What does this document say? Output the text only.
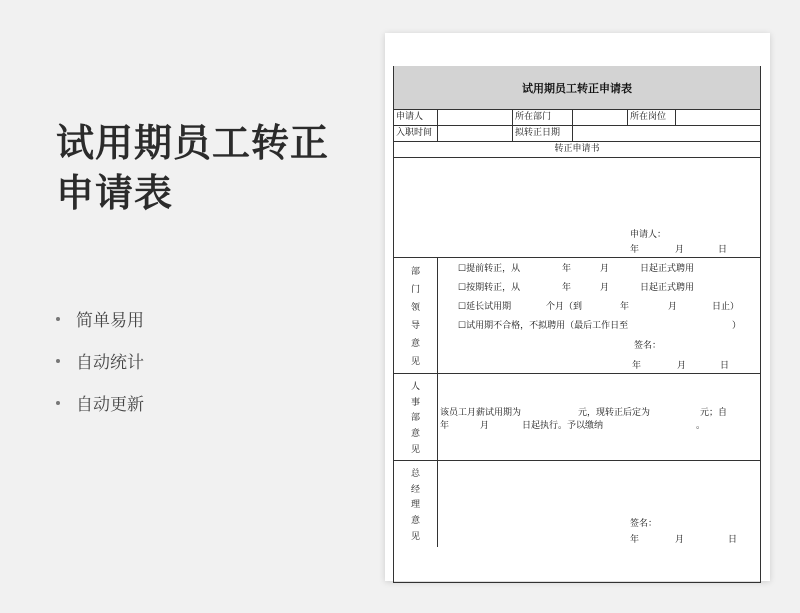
试用期员工转正
申请表
简单易用
自动统计
自动更新
试用期员工转正申请表
申请人	所在部门	所在岗位
入职时间	拟转正日期
转正申请书
申请人：
年	月	日
部
门
领
导
意
见
☐提前转正，从	年	月	日起正式聘用
☐按期转正，从	年	月	日起正式聘用
☐延长试用期	个月（到	年	月	日止）
☐试用期不合格，不拟聘用（最后工作日至	）
签名：
年	月	日
人
事
部
意
见
该员工月薪试用期为	元，现转正后定为	元；自
年	月	日起执行。予以缴纳	。
总
经
理
意
见
签名：
年	月	日
